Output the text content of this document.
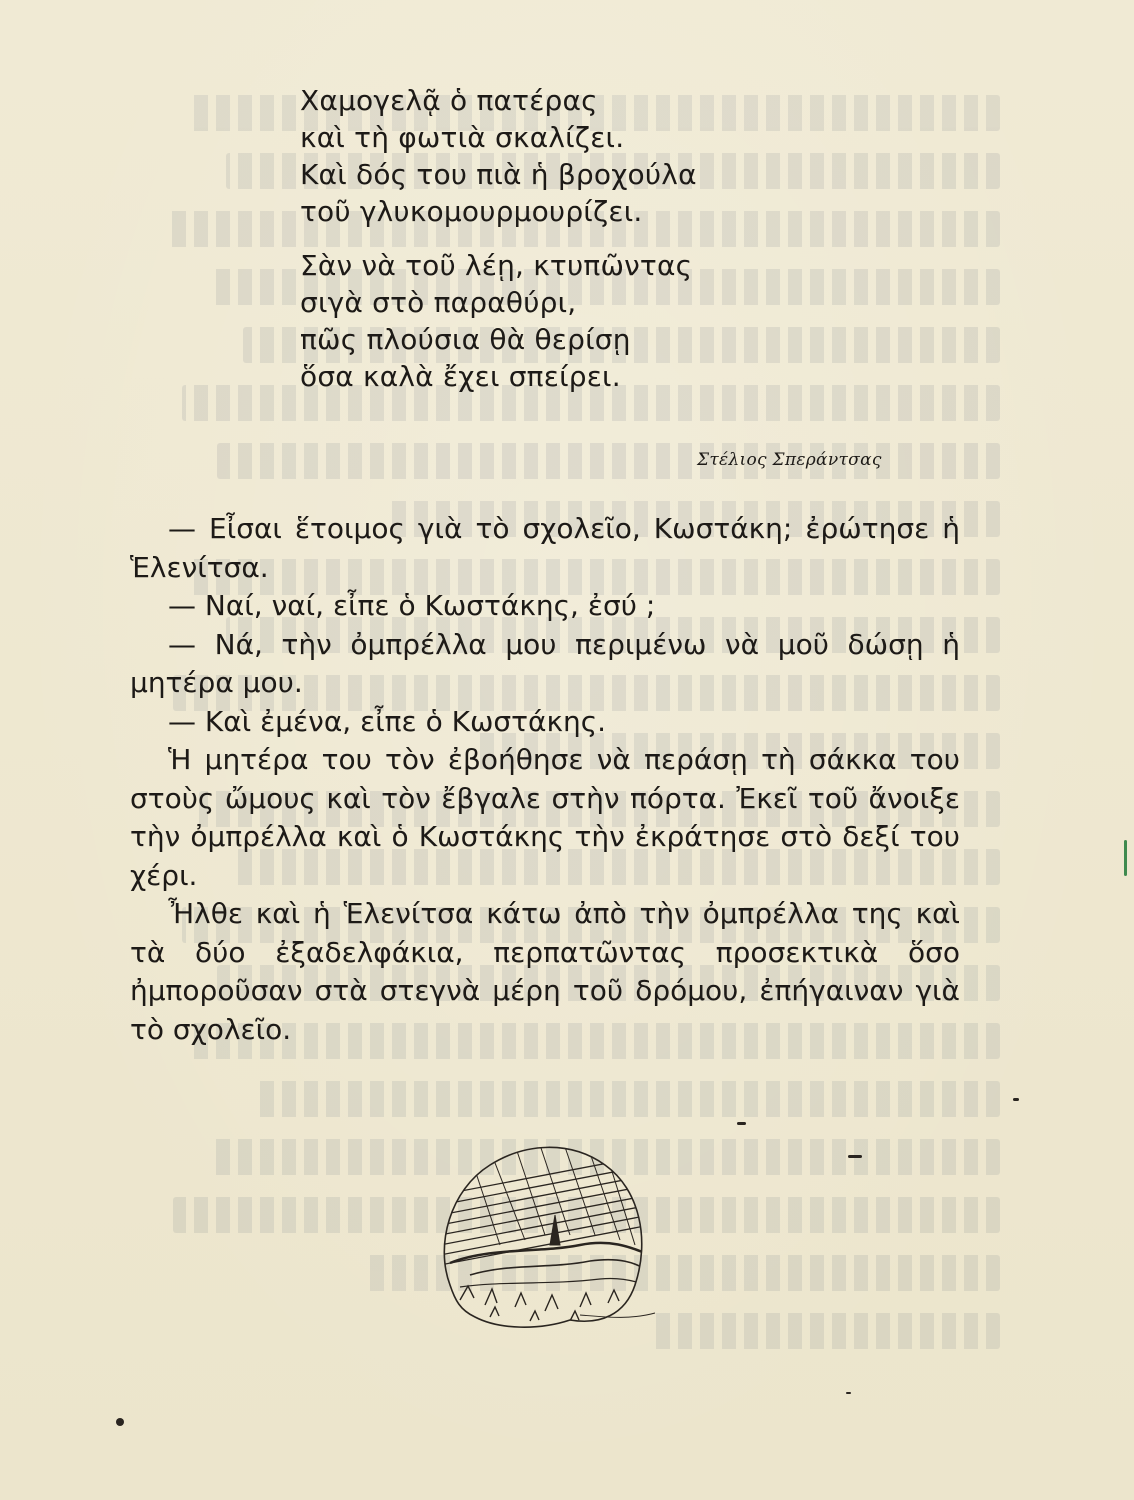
Χαμογελᾷ ὁ πατέρας
καὶ τὴ φωτιὰ σκαλίζει.
Καὶ δός του πιὰ ἡ βροχούλα
τοῦ γλυκομουρμουρίζει.
Σὰν νὰ τοῦ λέῃ, κτυπῶντας
σιγὰ στὸ παραθύρι,
πῶς πλούσια θὰ θερίσῃ
ὅσα καλὰ ἔχει σπείρει.
Στέλιος Σπεράντσας

— Εἶσαι ἕτοιμος γιὰ τὸ σχολεῖο, Κωστάκη; ἐρώτησε ἡ Ἑλενίτσα.

— Ναί, ναί, εἶπε ὁ Κωστάκης, ἐσύ ;

— Νά, τὴν ὀμπρέλλα μου περιμένω νὰ μοῦ δώσῃ ἡ μητέρα μου.

— Καὶ ἐμένα, εἶπε ὁ Κωστάκης.

Ἡ μητέρα του τὸν ἐβοήθησε νὰ περάσῃ τὴ σάκκα του στοὺς ὤμους καὶ τὸν ἔβγαλε στὴν πόρτα. Ἐκεῖ τοῦ ἄνοιξε τὴν ὀμπρέλλα καὶ ὁ Κωστάκης τὴν ἐκράτησε στὸ δεξί του χέρι.

Ἦλθε καὶ ἡ Ἑλενίτσα κάτω ἀπὸ τὴν ὀμπρέλλα της καὶ τὰ δύο ἐξαδελφάκια, περπατῶντας προσεκτικὰ ὅσο ἠμποροῦσαν στὰ στεγνὰ μέρη τοῦ δρόμου, ἐπήγαιναν γιὰ τὸ σχολεῖο.
